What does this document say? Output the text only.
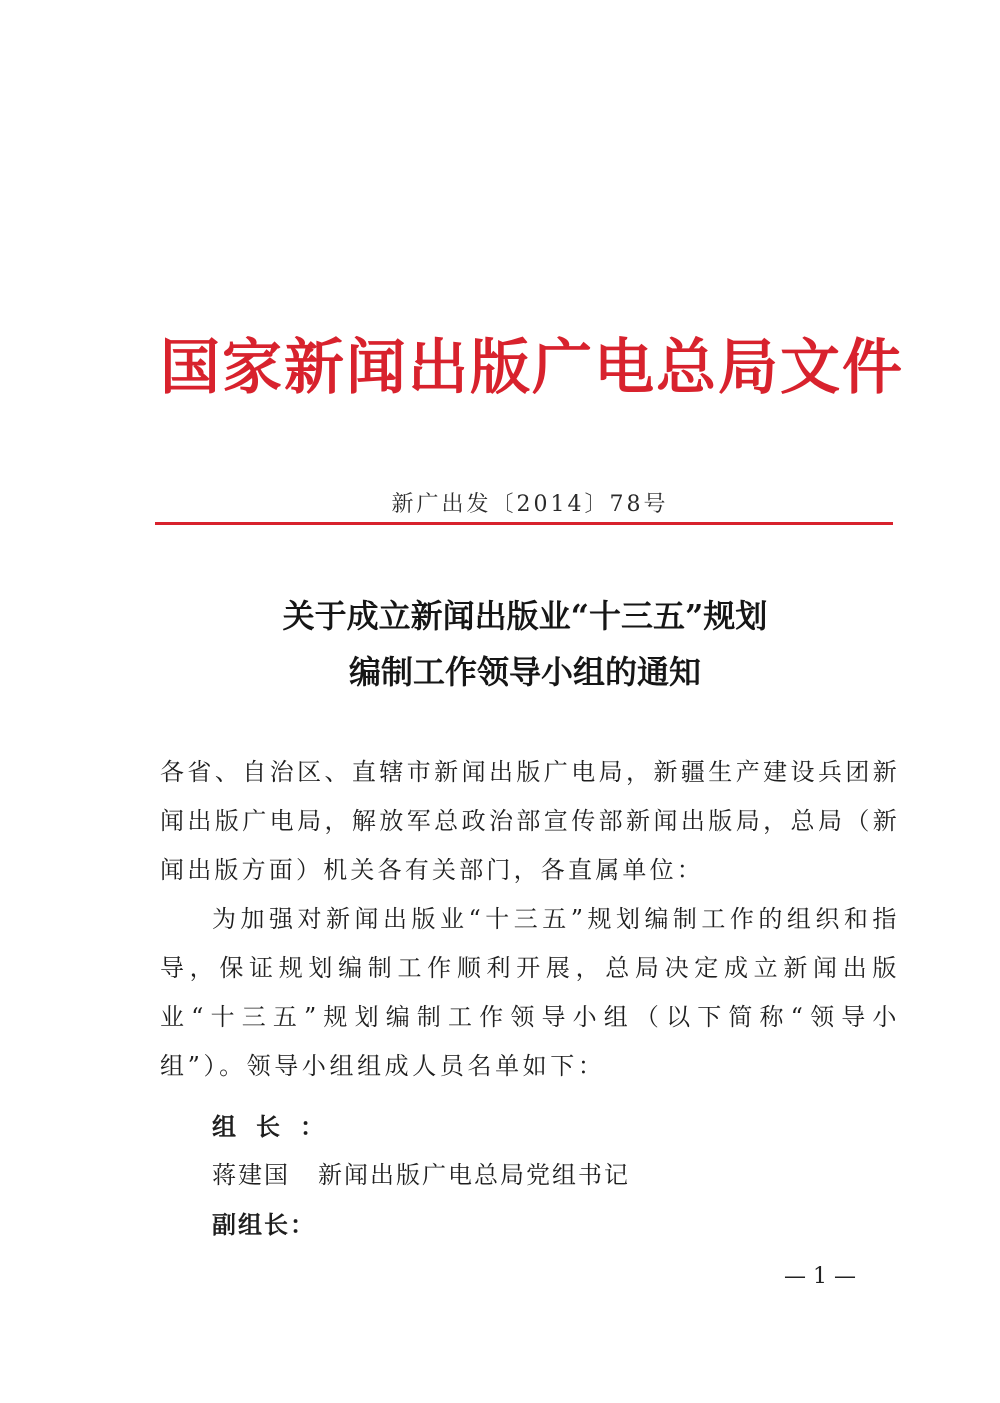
国家新闻出版广电总局文件
新广出发〔2014〕78号
关于成立新闻出版业“十三五”规划
编制工作领导小组的通知

各省、自治区、直辖市新闻出版广电局，新疆生产建设兵团新闻出版广电局，解放军总政治部宣传部新闻出版局，总局（新闻出版方面）机关各有关部门，各直属单位：

为加强对新闻出版业“十三五”规划编制工作的组织和指导，保证规划编制工作顺利开展，总局决定成立新闻出版业“十三五”规划编制工作领导小组（以下简称“领导小组”）。领导小组组成人员名单如下：

组长：
蒋建国 新闻出版广电总局党组书记
副组长：
— 1 —
